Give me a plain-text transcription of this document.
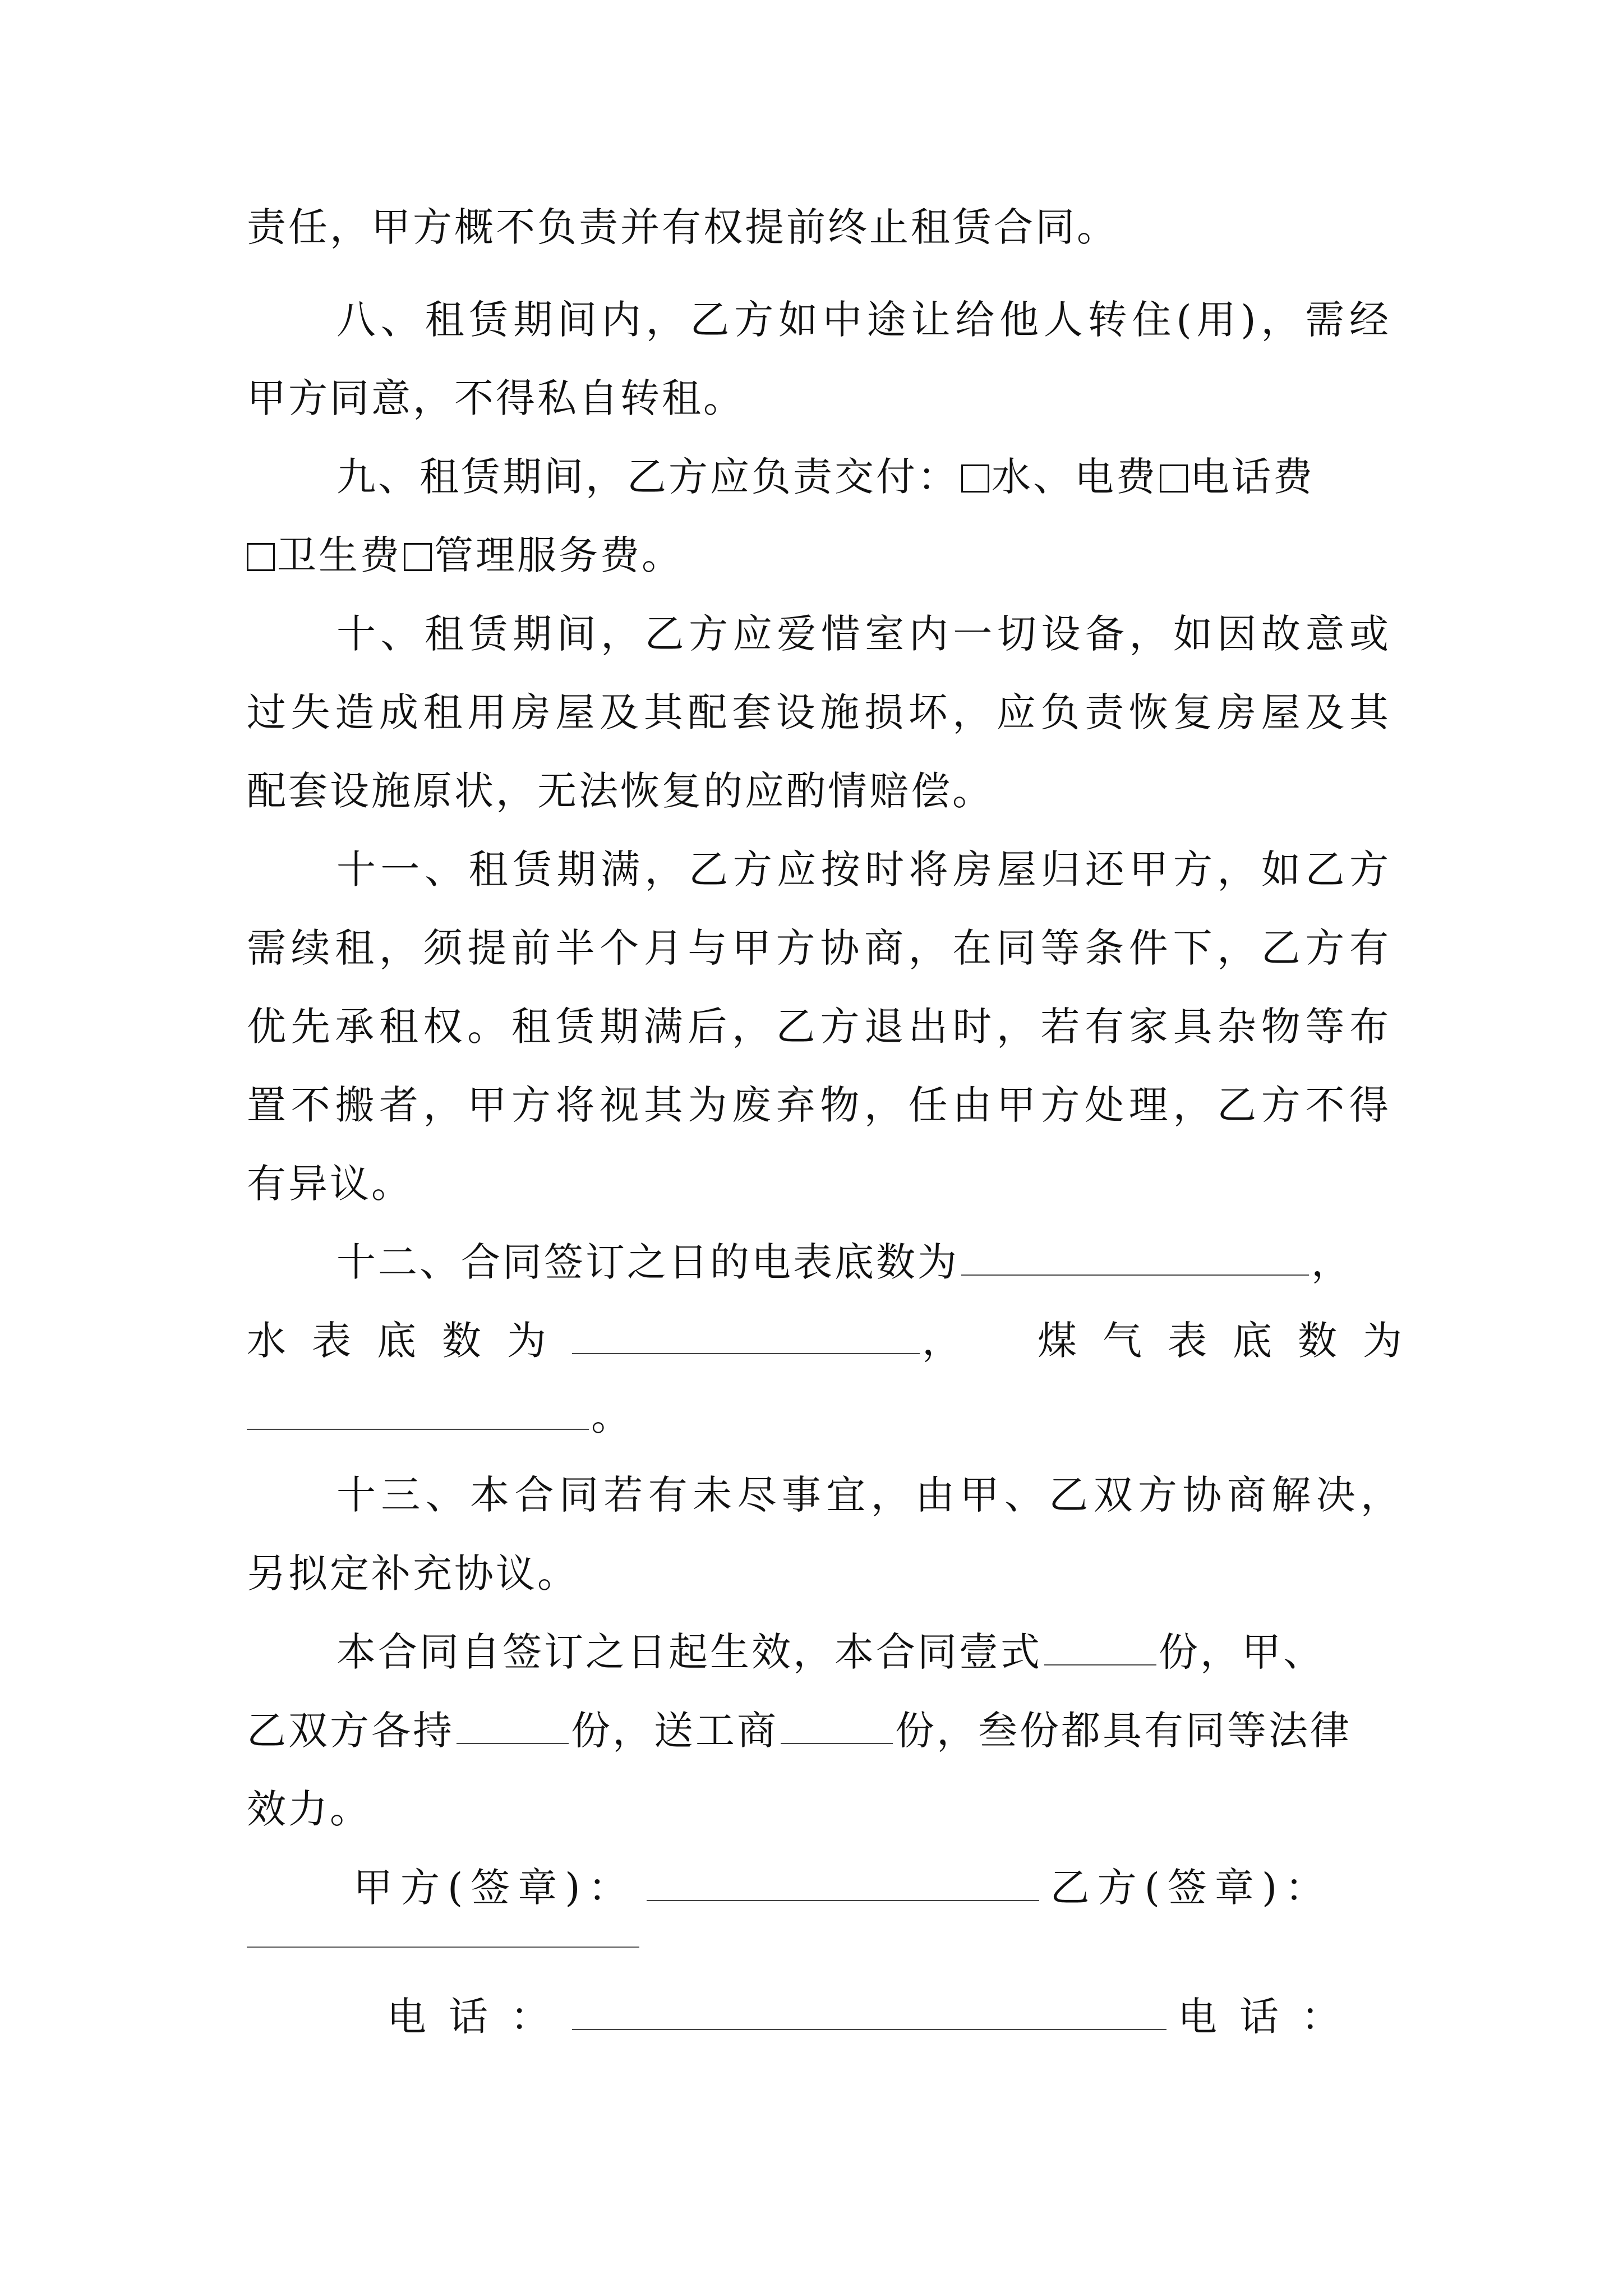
责任，甲方概不负责并有权提前终止租赁合同。
八、租赁期间内，乙方如中途让给他人转住(用)，需经
甲方同意，不得私自转租。
九、租赁期间，乙方应负责交付： 水、电费 电话费
卫生费 管理服务费。
十、租赁期间，乙方应爱惜室内一切设备，如因故意或
过失造成租用房屋及其配套设施损坏，应负责恢复房屋及其
配套设施原状，无法恢复的应酌情赔偿。
十一、租赁期满，乙方应按时将房屋归还甲方，如乙方
需续租，须提前半个月与甲方协商，在同等条件下，乙方有
优先承租权。租赁期满后，乙方退出时，若有家具杂物等布
置不搬者，甲方将视其为废弃物，任由甲方处理，乙方不得
有异议。
十二、合同签订之日的电表底数为	，
水表底数为	， 煤气表底数为
。
十三、本合同若有未尽事宜，由甲、乙双方协商解决，
另拟定补充协议。
本合同自签订之日起生效，本合同壹式	份，甲、
乙双方各持	份，送工商	份，叁份都具有同等法律
效力。
甲方(签章)：	乙方(签章)：
电话：	电话：
